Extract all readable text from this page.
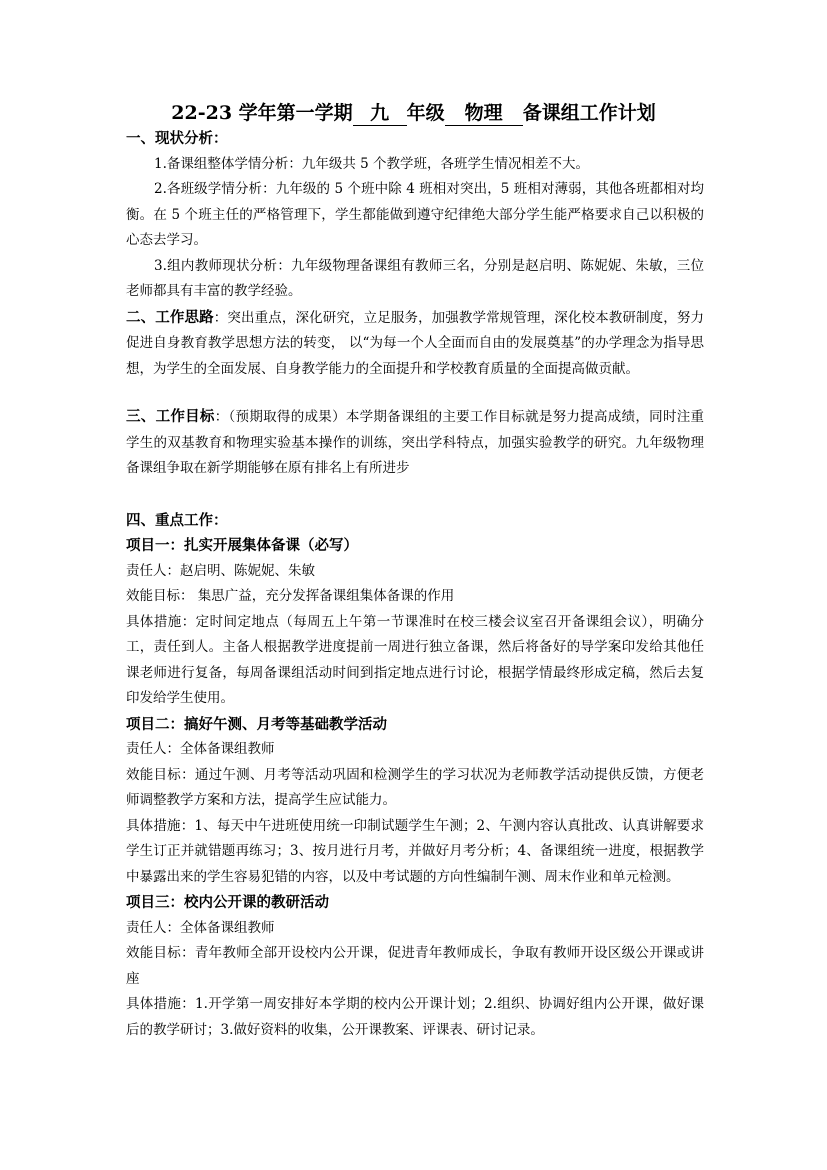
22-23 学年第一学期 九 年级 物理 备课组工作计划

一、现状分析：

1.备课组整体学情分析：九年级共 5 个教学班，各班学生情况相差不大。

2.各班级学情分析：九年级的 5 个班中除 4 班相对突出，5 班相对薄弱，其他各班都相对均衡。在 5 个班主任的严格管理下，学生都能做到遵守纪律绝大部分学生能严格要求自己以积极的心态去学习。

3.组内教师现状分析：九年级物理备课组有教师三名，分别是赵启明、陈妮妮、朱敏，三位老师都具有丰富的教学经验。

二、工作思路：突出重点，深化研究，立足服务，加强教学常规管理，深化校本教研制度，努力促进自身教育教学思想方法的转变， 以“为每一个人全面而自由的发展奠基”的办学理念为指导思想，为学生的全面发展、自身教学能力的全面提升和学校教育质量的全面提高做贡献。

三、工作目标：（预期取得的成果）本学期备课组的主要工作目标就是努力提高成绩，同时注重学生的双基教育和物理实验基本操作的训练，突出学科特点，加强实验教学的研究。九年级物理备课组争取在新学期能够在原有排名上有所进步

四、重点工作：

项目一：扎实开展集体备课（必写）

责任人：赵启明、陈妮妮、朱敏

效能目标： 集思广益，充分发挥备课组集体备课的作用

具体措施：定时间定地点（每周五上午第一节课准时在校三楼会议室召开备课组会议），明确分工，责任到人。主备人根据教学进度提前一周进行独立备课，然后将备好的导学案印发给其他任课老师进行复备，每周备课组活动时间到指定地点进行讨论，根据学情最终形成定稿，然后去复印发给学生使用。

项目二：搞好午测、月考等基础教学活动

责任人：全体备课组教师

效能目标：通过午测、月考等活动巩固和检测学生的学习状况为老师教学活动提供反馈，方便老师调整教学方案和方法，提高学生应试能力。

具体措施：1、每天中午进班使用统一印制试题学生午测；2、午测内容认真批改、认真讲解要求学生订正并就错题再练习；3、按月进行月考，并做好月考分析；4、备课组统一进度，根据教学中暴露出来的学生容易犯错的内容，以及中考试题的方向性编制午测、周末作业和单元检测。

项目三：校内公开课的教研活动

责任人：全体备课组教师

效能目标：青年教师全部开设校内公开课，促进青年教师成长，争取有教师开设区级公开课或讲座

具体措施：1.开学第一周安排好本学期的校内公开课计划；2.组织、协调好组内公开课，做好课后的教学研讨；3.做好资料的收集，公开课教案、评课表、研讨记录。
